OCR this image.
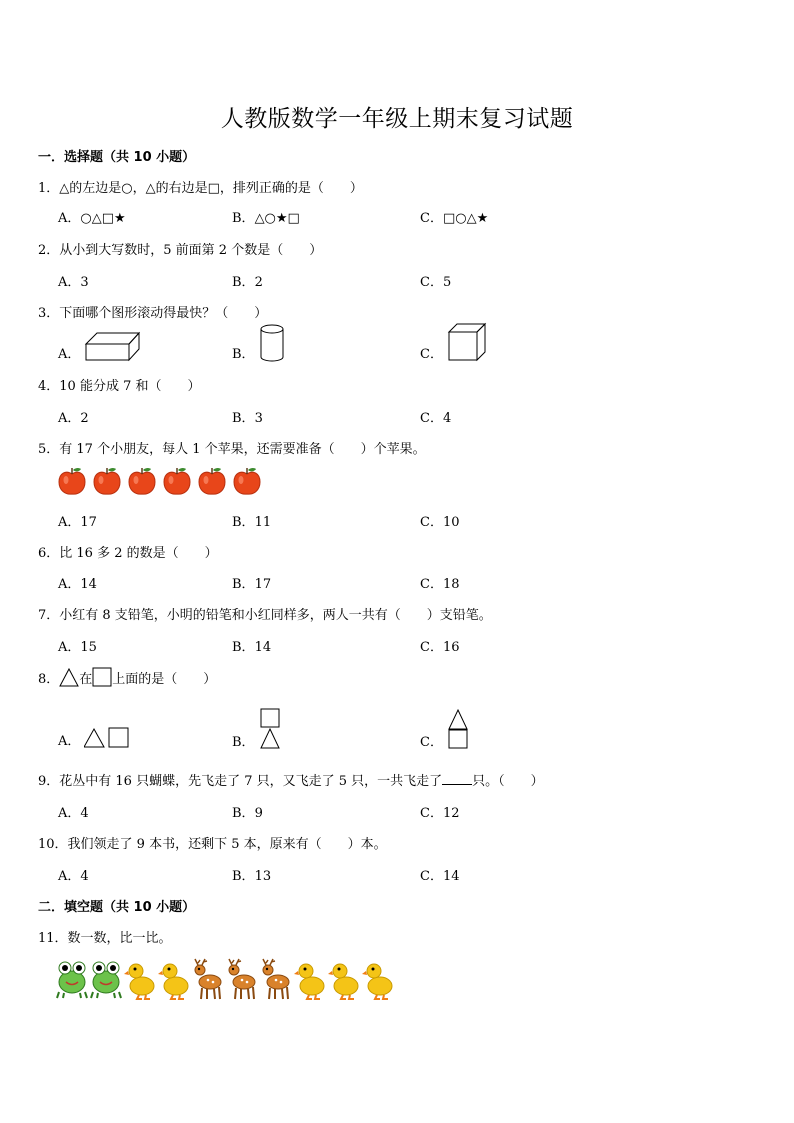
人教版数学一年级上期末复习试题
一．选择题（共 10 小题）
1．△的左边是○，△的右边是□，排列正确的是（　　）
A．○△□★	B．△○★□	C．□○△★
2．从小到大写数时，5 前面第 2 个数是（　　）
A．3	B．2	C．5
3．下面哪个图形滚动得最快？（　　）
A．	B．	C．
4．10 能分成 7 和（　　）
A．2	B．3	C．4
5．有 17 个小朋友，每人 1 个苹果，还需要准备（　　）个苹果。
A．17	B．11	C．10
6．比 16 多 2 的数是（　　）
A．14	B．17	C．18
7．小红有 8 支铅笔，小明的铅笔和小红同样多，两人一共有（　　）支铅笔。
A．15	B．14	C．16
8． 在 上面的是（　　）
A．	B．	C．
9．花丛中有 16 只蝴蝶，先飞走了 7 只，又飞走了 5 只，一共飞走了 只。（　　）
A．4	B．9	C．12
10．我们领走了 9 本书，还剩下 5 本，原来有（　　）本。
A．4	B．13	C．14
二．填空题（共 10 小题）
11．数一数，比一比。
